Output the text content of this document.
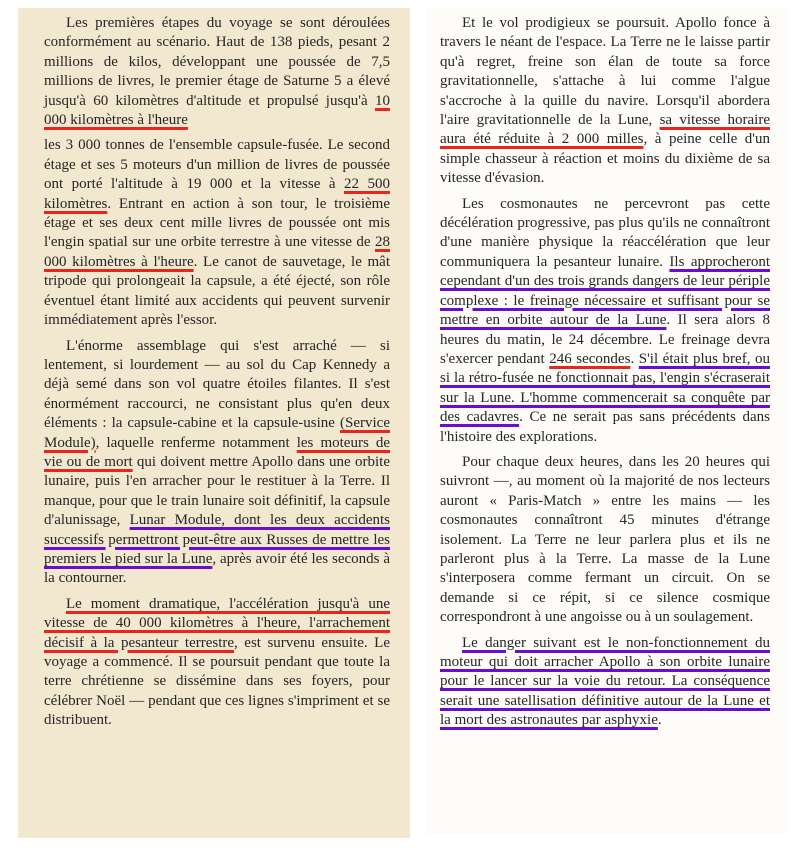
Les premières étapes du voyage se sont déroulées conformément au scénario. Haut de 138 pieds, pesant 2 millions de kilos, développant une poussée de 7,5 millions de livres, le premier étage de Saturne 5 a élevé jusqu'à 60 kilomètres d'altitude et propulsé jusqu'à 10 000 kilomètres à l'heure

les 3 000 tonnes de l'ensemble capsule-fusée. Le second étage et ses 5 moteurs d'un million de livres de poussée ont porté l'altitude à 19 000 et la vitesse à 22 500 kilomètres. Entrant en action à son tour, le troisième étage et ses deux cent mille livres de poussée ont mis l'engin spatial sur une orbite terrestre à une vitesse de 28 000 kilomètres à l'heure. Le canot de sauvetage, le mât tripode qui prolongeait la capsule, a été éjecté, son rôle éventuel étant limité aux accidents qui peuvent survenir immédiatement après l'essor.

L'énorme assemblage qui s'est arraché — si lentement, si lourdement — au sol du Cap Kennedy a déjà semé dans son vol quatre étoiles filantes. Il s'est énormément raccourci, ne consistant plus qu'en deux éléments : la capsule-cabine et la capsule-usine (Service Module), laquelle renferme notamment les moteurs de vie ou de mort qui doivent mettre Apollo dans une orbite lunaire, puis l'en arracher pour le restituer à la Terre. Il manque, pour que le train lunaire soit définitif, la capsule d'alunissage, Lunar Module, dont les deux accidents successifs permettront peut-être aux Russes de mettre les premiers le pied sur la Lune, après avoir été les seconds à la contourner.

Le moment dramatique, l'accélération jusqu'à une vitesse de 40 000 kilomètres à l'heure, l'arrachement décisif à la pesanteur terrestre, est survenu ensuite. Le voyage a commencé. Il se poursuit pendant que toute la terre chrétienne se dissémine dans ses foyers, pour célébrer Noël — pendant que ces lignes s'impriment et se distribuent.

Et le vol prodigieux se poursuit. Apollo fonce à travers le néant de l'espace. La Terre ne le laisse partir qu'à regret, freine son élan de toute sa force gravitationnelle, s'attache à lui comme l'algue s'accroche à la quille du navire. Lorsqu'il abordera l'aire gravitationnelle de la Lune, sa vitesse horaire aura été réduite à 2 000 milles, à peine celle d'un simple chasseur à réaction et moins du dixième de sa vitesse d'évasion.

Les cosmonautes ne percevront pas cette décélération progressive, pas plus qu'ils ne connaîtront d'une manière physique la réaccélération que leur communiquera la pesanteur lunaire. Ils approcheront cependant d'un des trois grands dangers de leur périple complexe : le freinage nécessaire et suffisant pour se mettre en orbite autour de la Lune. Il sera alors 8 heures du matin, le 24 décembre. Le freinage devra s'exercer pendant 246 secondes. S'il était plus bref, ou si la rétro-fusée ne fonctionnait pas, l'engin s'écraserait sur la Lune. L'homme commencerait sa conquête par des cadavres. Ce ne serait pas sans précédents dans l'histoire des explorations.

Pour chaque deux heures, dans les 20 heures qui suivront —, au moment où la majorité de nos lecteurs auront « Paris-Match » entre les mains — les cosmonautes connaîtront 45 minutes d'étrange isolement. La Terre ne leur parlera plus et ils ne parleront plus à la Terre. La masse de la Lune s'interposera comme fermant un circuit. On se demande si ce répit, si ce silence cosmique correspondront à une angoisse ou à un soulagement.

Le danger suivant est le non-fonctionnement du moteur qui doit arracher Apollo à son orbite lunaire pour le lancer sur la voie du retour. La conséquence serait une satellisation définitive autour de la Lune et la mort des astronautes par asphyxie.
